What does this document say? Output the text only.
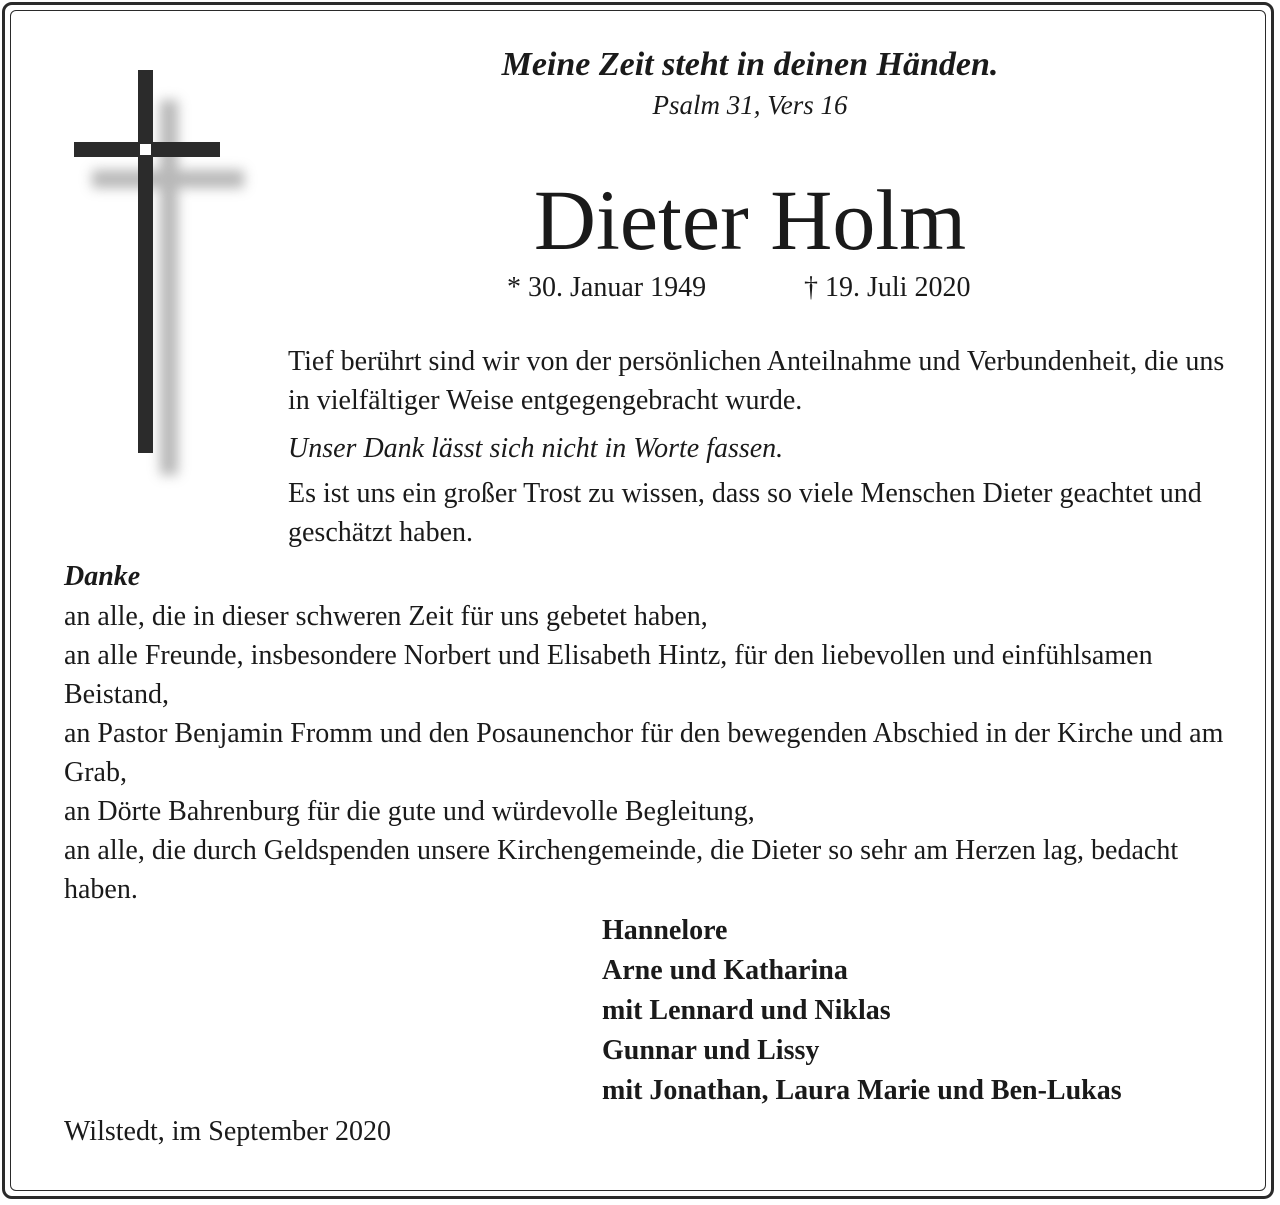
Meine Zeit steht in deinen Händen.
Psalm 31, Vers 16
Dieter Holm
* 30. Januar 1949	† 19. Juli 2020
Tief berührt sind wir von der persönlichen Anteilnahme und Verbundenheit, die uns in vielfältiger Weise entgegengebracht wurde.
Unser Dank lässt sich nicht in Worte fassen.
Es ist uns ein großer Trost zu wissen, dass so viele Menschen Dieter geachtet und geschätzt haben.
Danke
an alle, die in dieser schweren Zeit für uns gebetet haben,
an alle Freunde, insbesondere Norbert und Elisabeth Hintz, für den liebevollen und einfühlsamen Beistand,
an Pastor Benjamin Fromm und den Posaunenchor für den bewegenden Abschied in der Kirche und am Grab,
an Dörte Bahrenburg für die gute und würdevolle Begleitung,
an alle, die durch Geldspenden unsere Kirchengemeinde, die Dieter so sehr am Herzen lag, bedacht haben.
Hannelore
Arne und Katharina
mit Lennard und Niklas
Gunnar und Lissy
mit Jonathan, Laura Marie und Ben-Lukas
Wilstedt, im September 2020
